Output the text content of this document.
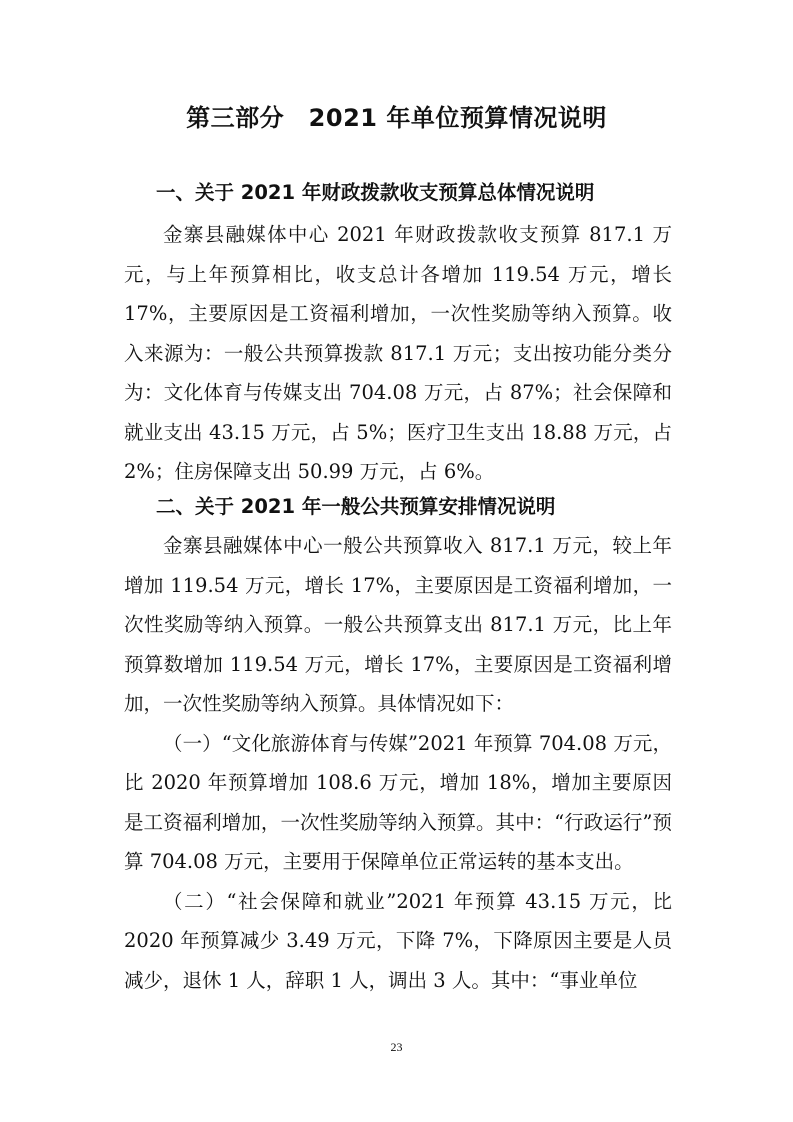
第三部分　2021 年单位预算情况说明
一、关于 2021 年财政拨款收支预算总体情况说明

金寨县融媒体中心 2021 年财政拨款收支预算 817.1 万元，与上年预算相比，收支总计各增加 119.54 万元，增长 17%，主要原因是工资福利增加，一次性奖励等纳入预算。收入来源为：一般公共预算拨款 817.1 万元；支出按功能分类分为：文化体育与传媒支出 704.08 万元，占 87%；社会保障和就业支出 43.15 万元，占 5%；医疗卫生支出 18.88 万元，占 2%；住房保障支出 50.99 万元，占 6%。

二、关于 2021 年一般公共预算安排情况说明

金寨县融媒体中心一般公共预算收入 817.1 万元，较上年增加 119.54 万元，增长 17%，主要原因是工资福利增加，一次性奖励等纳入预算。一般公共预算支出 817.1 万元，比上年预算数增加 119.54 万元，增长 17%，主要原因是工资福利增加，一次性奖励等纳入预算。具体情况如下：

（一）“文化旅游体育与传媒”2021 年预算 704.08 万元，比 2020 年预算增加 108.6 万元，增加 18%，增加主要原因是工资福利增加，一次性奖励等纳入预算。其中：“行政运行”预算 704.08 万元，主要用于保障单位正常运转的基本支出。

（二）“社会保障和就业”2021 年预算 43.15 万元，比 2020 年预算减少 3.49 万元，下降 7%，下降原因主要是人员减少，退休 1 人，辞职 1 人，调出 3 人。其中：“事业单位

23
